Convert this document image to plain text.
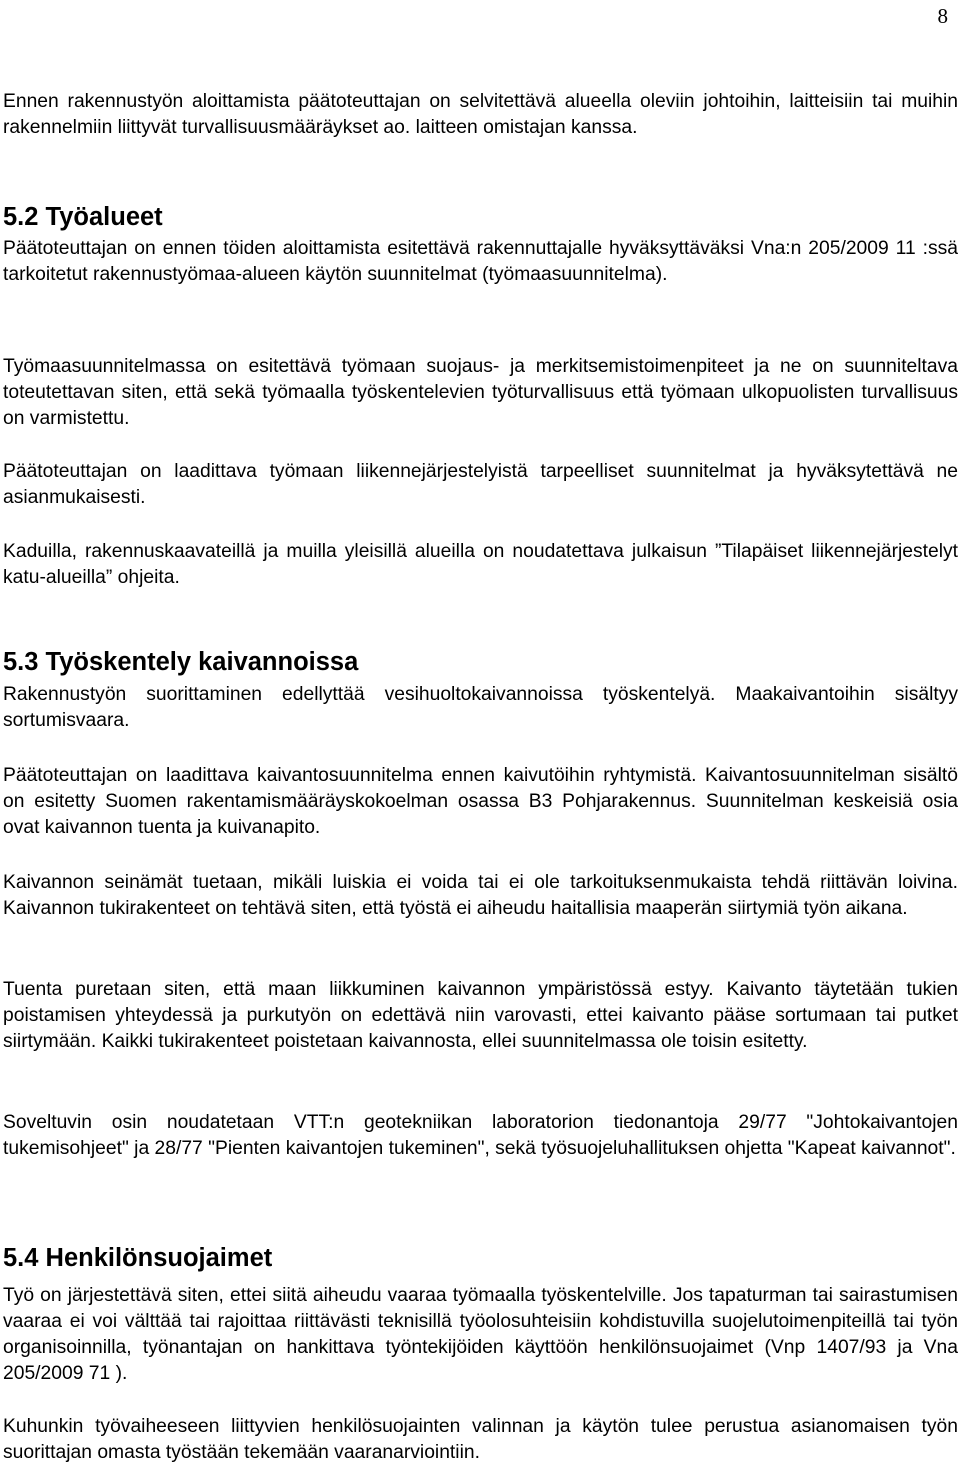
8

Ennen rakennustyön aloittamista päätoteuttajan on selvitettävä alueella oleviin johtoihin, laitteisiin tai muihin rakennelmiin liittyvät turvallisuusmääräykset ao. laitteen omistajan kanssa.

5.2 Työalueet

Päätoteuttajan on ennen töiden aloittamista esitettävä rakennuttajalle hyväksyttäväksi Vna:n 205/2009 11 :ssä tarkoitetut rakennustyömaa-alueen käytön suunnitelmat (työmaasuunnitelma).

Työmaasuunnitelmassa on esitettävä työmaan suojaus- ja merkitsemistoimenpiteet ja ne on suunniteltava toteutettavan siten, että sekä työmaalla työskentelevien työturvallisuus että työmaan ulkopuolisten turvallisuus on varmistettu.

Päätoteuttajan on laadittava työmaan liikennejärjestelyistä tarpeelliset suunnitelmat ja hyväksytettävä ne asianmukaisesti.

Kaduilla, rakennuskaavateillä ja muilla yleisillä alueilla on noudatettava julkaisun ”Tilapäiset liikennejärjestelyt katu-alueilla” ohjeita.

5.3 Työskentely kaivannoissa

Rakennustyön suorittaminen edellyttää vesihuoltokaivannoissa työskentelyä. Maakaivantoihin sisältyy sortumisvaara.

Päätoteuttajan on laadittava kaivantosuunnitelma ennen kaivutöihin ryhtymistä. Kaivantosuunnitelman sisältö on esitetty Suomen rakentamismääräyskokoelman osassa B3 Pohjarakennus. Suunnitelman keskeisiä osia ovat kaivannon tuenta ja kuivanapito.

Kaivannon seinämät tuetaan, mikäli luiskia ei voida tai ei ole tarkoituksenmukaista tehdä riittävän loivina. Kaivannon tukirakenteet on tehtävä siten, että työstä ei aiheudu haitallisia maaperän siirtymiä työn aikana.

Tuenta puretaan siten, että maan liikkuminen kaivannon ympäristössä estyy. Kaivanto täytetään tukien poistamisen yhteydessä ja purkutyön on edettävä niin varovasti, ettei kaivanto pääse sortumaan tai putket siirtymään. Kaikki tukirakenteet poistetaan kaivannosta, ellei suunnitelmassa ole toisin esitetty.

Soveltuvin osin noudatetaan VTT:n geotekniikan laboratorion tiedonantoja 29/77 "Johtokaivantojen tukemisohjeet" ja 28/77 "Pienten kaivantojen tukeminen", sekä työsuojeluhallituksen ohjetta "Kapeat kaivannot".

5.4 Henkilönsuojaimet

Työ on järjestettävä siten, ettei siitä aiheudu vaaraa työmaalla työskentelville. Jos tapaturman tai sairastumisen vaaraa ei voi välttää tai rajoittaa riittävästi teknisillä työolosuhteisiin kohdistuvilla suojelutoimenpiteillä tai työn organisoinnilla, työnantajan on hankittava työntekijöiden käyttöön henkilönsuojaimet (Vnp 1407/93 ja Vna 205/2009 71 ).

Kuhunkin työvaiheeseen liittyvien henkilösuojainten valinnan ja käytön tulee perustua asianomaisen työn suorittajan omasta työstään tekemään vaaranarviointiin.
